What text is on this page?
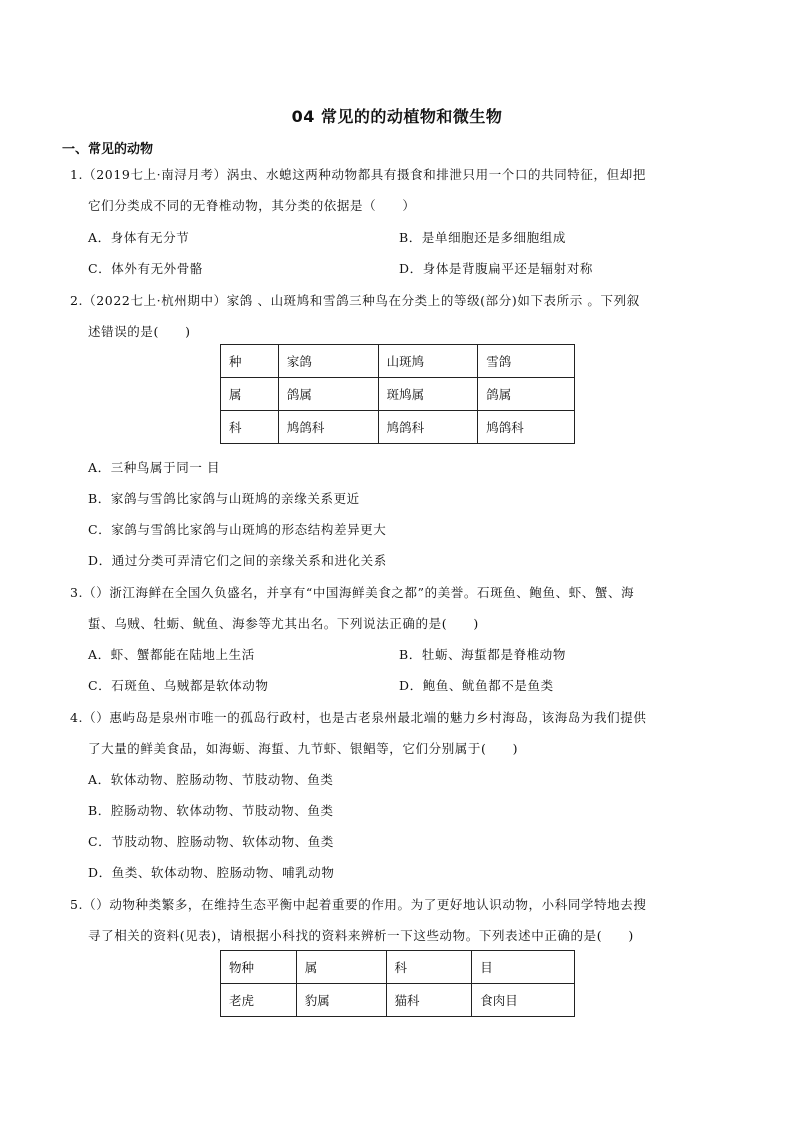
04 常见的的动植物和微生物
一、常见的动物
1.（2019七上·南浔月考）涡虫、水螅这两种动物都具有摄食和排泄只用一个口的共同特征，但却把
它们分类成不同的无脊椎动物，其分类的依据是（　　）
A．身体有无分节	B．是单细胞还是多细胞组成
C．体外有无外骨骼	D．身体是背腹扁平还是辐射对称
2.（2022七上·杭州期中）家鸽 、山斑鸠和雪鸽三种鸟在分类上的等级(部分)如下表所示 。下列叙
述错误的是(　　)
种	家鸽	山斑鸠	雪鸽
属	鸽属	斑鸠属	鸽属
科	鸠鸽科	鸠鸽科	鸠鸽科
A．三种鸟属于同一 目
B．家鸽与雪鸽比家鸽与山斑鸠的亲缘关系更近
C．家鸽与雪鸽比家鸽与山斑鸠的形态结构差异更大
D．通过分类可弄清它们之间的亲缘关系和进化关系
3.（）浙江海鲜在全国久负盛名，并享有“中国海鲜美食之都”的美誉。石斑鱼、鲍鱼、虾、蟹、海
蜇、乌贼、牡蛎、鱿鱼、海参等尤其出名。下列说法正确的是(　　)
A．虾、蟹都能在陆地上生活	B．牡蛎、海蜇都是脊椎动物
C．石斑鱼、乌贼都是软体动物	D．鲍鱼、鱿鱼都不是鱼类
4.（）惠屿岛是泉州市唯一的孤岛行政村，也是古老泉州最北端的魅力乡村海岛，该海岛为我们提供
了大量的鲜美食品，如海蛎、海蜇、九节虾、银鲳等，它们分别属于(　　)
A．软体动物、腔肠动物、节肢动物、鱼类
B．腔肠动物、软体动物、节肢动物、鱼类
C．节肢动物、腔肠动物、软体动物、鱼类
D．鱼类、软体动物、腔肠动物、哺乳动物
5.（）动物种类繁多，在维持生态平衡中起着重要的作用。为了更好地认识动物，小科同学特地去搜
寻了相关的资料(见表)，请根据小科找的资料来辨析一下这些动物。下列表述中正确的是(　　)
物种	属	科	目
老虎	豹属	猫科	食肉目
